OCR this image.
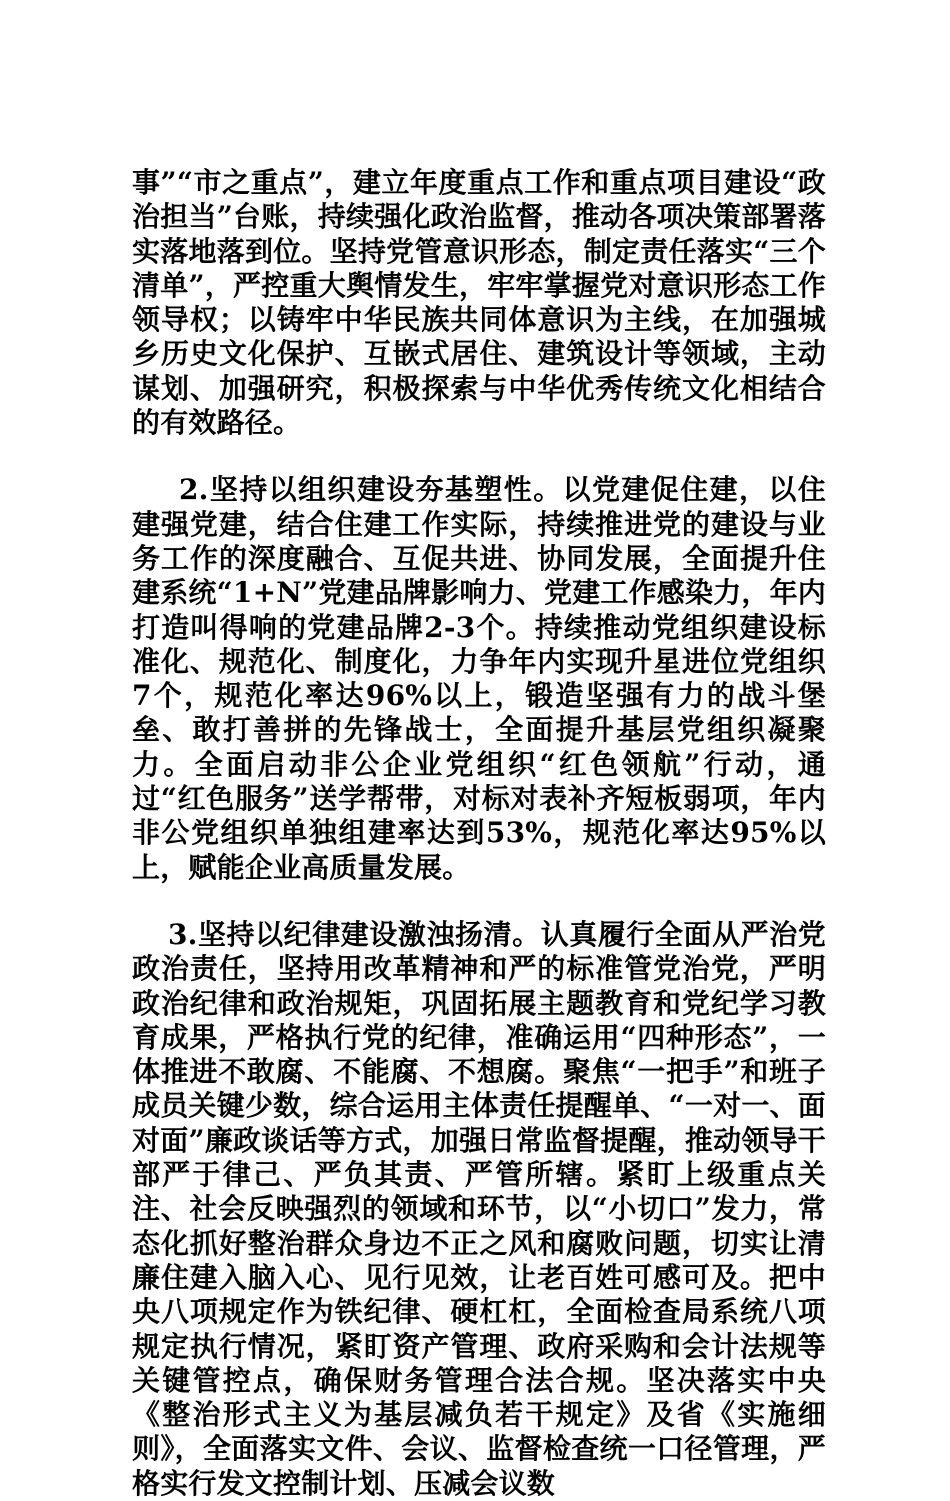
事”“市之重点”，建立年度重点工作和重点项目建设“政治担当”台账，持续强化政治监督，推动各项决策部署落实落地落到位。坚持党管意识形态，制定责任落实“三个清单”，严控重大舆情发生，牢牢掌握党对意识形态工作领导权；以铸牢中华民族共同体意识为主线，在加强城乡历史文化保护、互嵌式居住、建筑设计等领域，主动谋划、加强研究，积极探索与中华优秀传统文化相结合的有效路径。

2.坚持以组织建设夯基塑性。以党建促住建，以住建强党建，结合住建工作实际，持续推进党的建设与业务工作的深度融合、互促共进、协同发展，全面提升住建系统“1+N”党建品牌影响力、党建工作感染力，年内打造叫得响的党建品牌2-3个。持续推动党组织建设标准化、规范化、制度化，力争年内实现升星进位党组织7个，规范化率达96%以上，锻造坚强有力的战斗堡垒、敢打善拼的先锋战士，全面提升基层党组织凝聚力。全面启动非公企业党组织“红色领航”行动，通过“红色服务”送学帮带，对标对表补齐短板弱项，年内非公党组织单独组建率达到53%，规范化率达95%以上，赋能企业高质量发展。

3.坚持以纪律建设激浊扬清。认真履行全面从严治党政治责任，坚持用改革精神和严的标准管党治党，严明政治纪律和政治规矩，巩固拓展主题教育和党纪学习教育成果，严格执行党的纪律，准确运用“四种形态”，一体推进不敢腐、不能腐、不想腐。聚焦“一把手”和班子成员关键少数，综合运用主体责任提醒单、“一对一、面对面”廉政谈话等方式，加强日常监督提醒，推动领导干部严于律己、严负其责、严管所辖。紧盯上级重点关注、社会反映强烈的领域和环节，以“小切口”发力，常态化抓好整治群众身边不正之风和腐败问题，切实让清廉住建入脑入心、见行见效，让老百姓可感可及。把中央八项规定作为铁纪律、硬杠杠，全面检查局系统八项规定执行情况，紧盯资产管理、政府采购和会计法规等关键管控点，确保财务管理合法合规。坚决落实中央《整治形式主义为基层减负若干规定》及省《实施细则》，全面落实文件、会议、监督检查统一口径管理，严格实行发文控制计划、压减会议数
